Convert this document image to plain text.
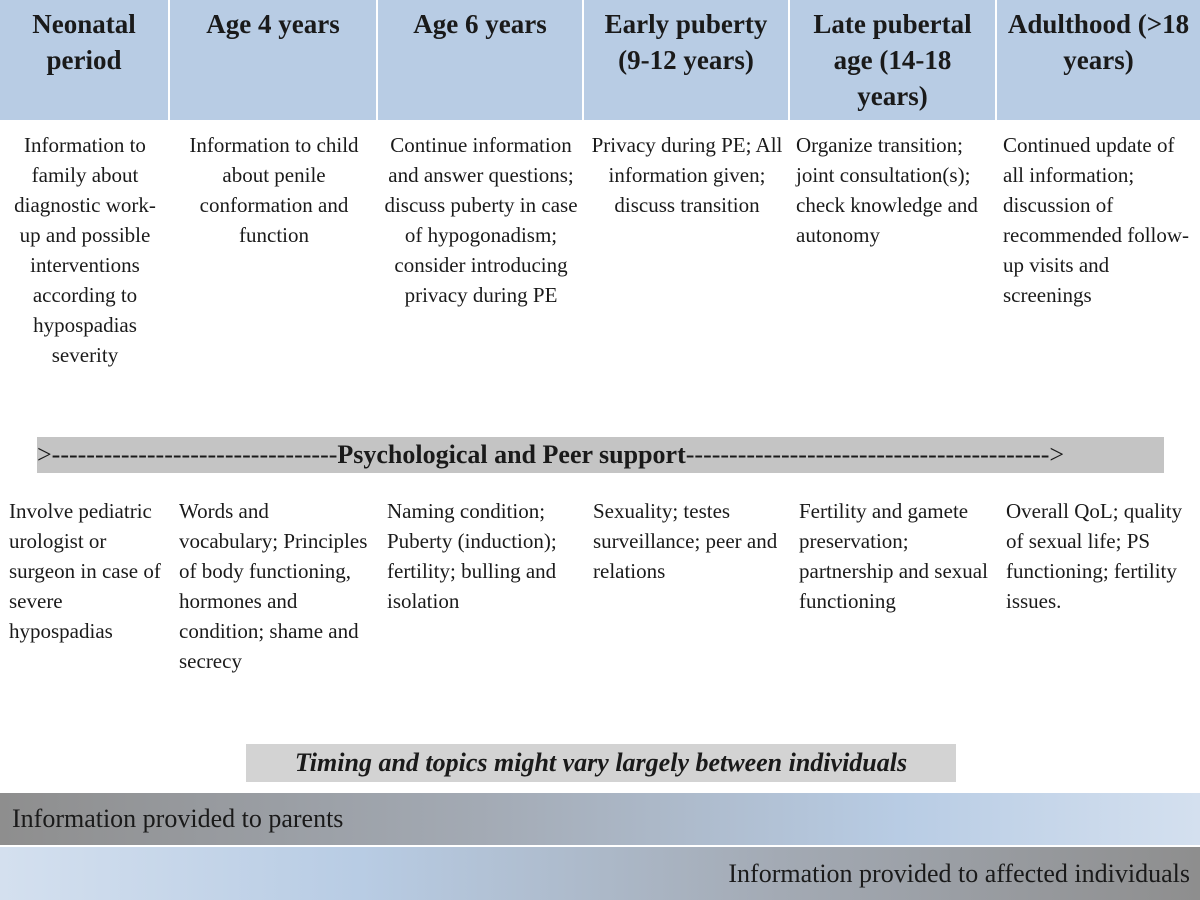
Neonatal period
Age 4 years	Age 6 years	Early puberty (9-12 years)
Late pubertal age (14-18 years)
Adulthood (>18 years)
Information to family about diagnostic work-up and possible interventions according to hypospadias severity
Information to child about penile conformation and function
Continue information and answer questions; discuss puberty in case of hypogonadism; consider introducing privacy during PE
Privacy during PE; All information given; discuss transition
Organize transition; joint consultation(s); check knowledge and autonomy
Continued update of all information; discussion of recommended follow-up visits and screenings
>---------------------------------Psychological and Peer support------------------------------------------>
Involve pediatric urologist or surgeon in case of severe hypospadias
Words and vocabulary; Principles of body functioning, hormones and condition; shame and secrecy
Naming condition; Puberty (induction); fertility; bulling and isolation
Sexuality; testes surveillance; peer and relations
Fertility and gamete preservation; partnership and sexual functioning
Overall QoL; quality of sexual life; PS functioning; fertility issues.
Timing and topics might vary largely between individuals
Information provided to parents
Information provided to affected individuals
